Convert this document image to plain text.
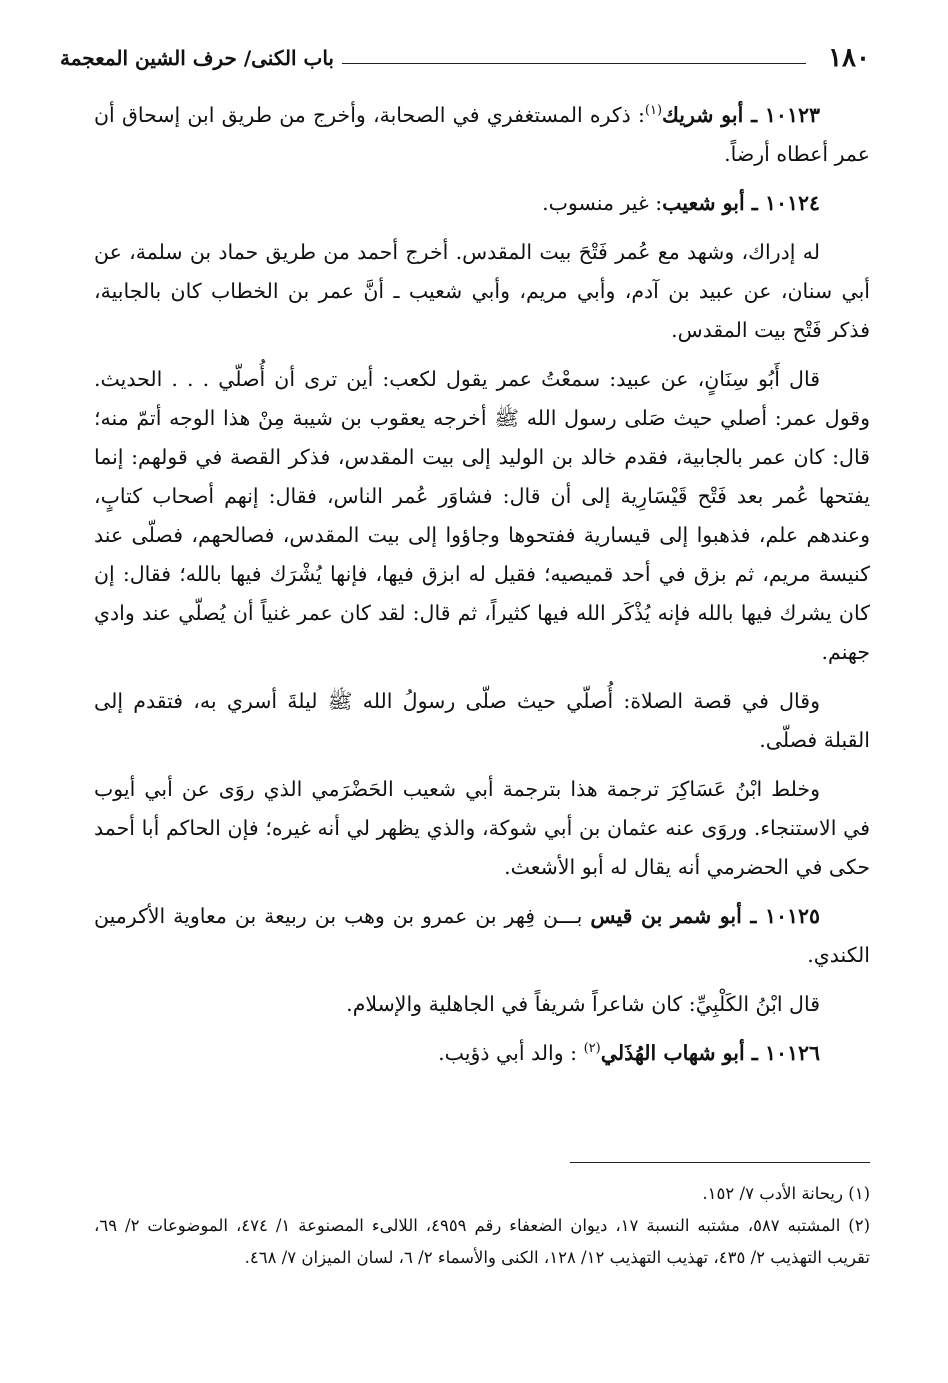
١٨٠
باب الكنى/ حرف الشين المعجمة

١٠١٢٣ ـ أبو شريك$^{(١)}$: ذكره المستغفري في الصحابة، وأخرج من طريق ابن إسحاق أن عمر أعطاه أرضاً.

١٠١٢٤ ـ أبو شعيب: غير منسوب.

له إدراك، وشهد مع عُمر فَتْحَ بيت المقدس. أخرج أحمد من طريق حماد بن سلمة، عن أبي سنان، عن عبيد بن آدم، وأبي مريم، وأبي شعيب ـ أنَّ عمر بن الخطاب كان بالجابية، فذكر فَتْح بيت المقدس.

قال أَبُو سِنَانٍ، عن عبيد: سمعْتُ عمر يقول لكعب: أين ترى أن أُصلّي . . . الحديث. وقول عمر: أصلي حيث صَلى رسول الله ﷺ أخرجه يعقوب بن شيبة مِنْ هذا الوجه أتمّ منه؛ قال: كان عمر بالجابية، فقدم خالد بن الوليد إلى بيت المقدس، فذكر القصة في قولهم: إنما يفتحها عُمر بعد فَتْح قَيْسَارِية إلى أن قال: فشاوَر عُمر الناس، فقال: إنهم أصحاب كتابٍ، وعندهم علم، فذهبوا إلى قيسارية ففتحوها وجاؤوا إلى بيت المقدس، فصالحهم، فصلّى عند كنيسة مريم، ثم بزق في أحد قميصيه؛ فقيل له ابزق فيها، فإنها يُشْرَك فيها بالله؛ فقال: إن كان يشرك فيها بالله فإنه يُذْكَر الله فيها كثيراً، ثم قال: لقد كان عمر غنياً أن يُصلّي عند وادي جهنم.

وقال في قصة الصلاة: أُصلّي حيث صلّى رسولُ الله ﷺ ليلةَ أسري به، فتقدم إلى القبلة فصلّى.

وخلط ابْنُ عَسَاكِرَ ترجمة هذا بترجمة أبي شعيب الحَضْرَمي الذي روَى عن أبي أيوب في الاستنجاء. وروَى عنه عثمان بن أبي شوكة، والذي يظهر لي أنه غيره؛ فإن الحاكم أبا أحمد حكى في الحضرمي أنه يقال له أبو الأشعث.

١٠١٢٥ ـ أبو شمر بن قيس بـــن فِهر بن عمرو بن وهب بن ربيعة بن معاوية الأكرمين الكندي.

قال ابْنُ الكَلْبِيِّ: كان شاعراً شريفاً في الجاهلية والإسلام.

١٠١٢٦ ـ أبو شهاب الهُذَلي$^{(٢)}$ : والد أبي ذؤيب.

(١) ريحانة الأدب ٧/ ١٥٢.

(٢) المشتبه ٥٨٧، مشتبه النسبة ١٧، ديوان الضعفاء رقم ٤٩٥٩، اللالىء المصنوعة ١/ ٤٧٤، الموضوعات ٢/ ٦٩، تقريب التهذيب ٢/ ٤٣٥، تهذيب التهذيب ١٢/ ١٢٨، الكنى والأسماء ٢/ ٦، لسان الميزان ٧/ ٤٦٨.
